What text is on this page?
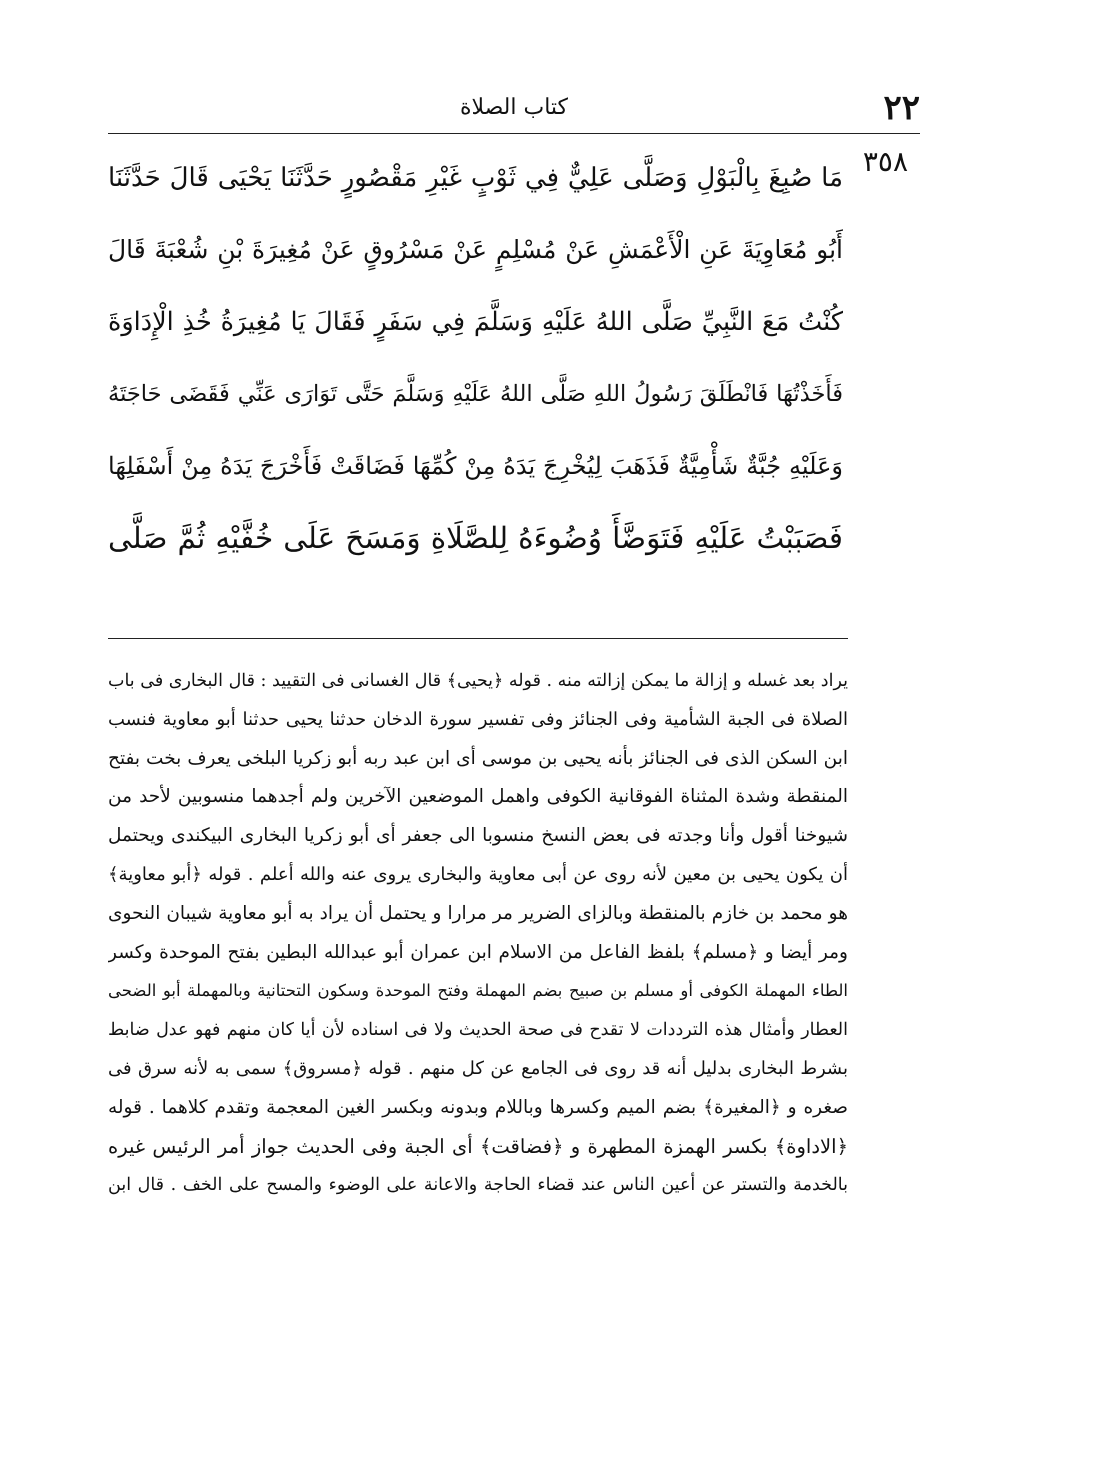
۲۲
كتاب الصلاة
٣٥٨
مَا صُبِغَ بِالْبَوْلِ وَصَلَّى عَلِيٌّ فِي ثَوْبٍ غَيْرِ مَقْصُورٍ حَدَّثَنَا يَحْيَى قَالَ حَدَّثَنَا
أَبُو مُعَاوِيَةَ عَنِ الْأَعْمَشِ عَنْ مُسْلِمٍ عَنْ مَسْرُوقٍ عَنْ مُغِيرَةَ بْنِ شُعْبَةَ قَالَ
كُنْتُ مَعَ النَّبِيِّ صَلَّى اللهُ عَلَيْهِ وَسَلَّمَ فِي سَفَرٍ فَقَالَ يَا مُغِيرَةُ خُذِ الْإِدَاوَةَ
فَأَخَذْتُهَا فَانْطَلَقَ رَسُولُ اللهِ صَلَّى اللهُ عَلَيْهِ وَسَلَّمَ حَتَّى تَوَارَى عَنِّي فَقَضَى حَاجَتَهُ
وَعَلَيْهِ جُبَّةٌ شَأْمِيَّةٌ فَذَهَبَ لِيُخْرِجَ يَدَهُ مِنْ كُمِّهَا فَضَاقَتْ فَأَخْرَجَ يَدَهُ مِنْ أَسْفَلِهَا
فَصَبَبْتُ عَلَيْهِ فَتَوَضَّأَ وُضُوءَهُ لِلصَّلَاةِ وَمَسَحَ عَلَى خُفَّيْهِ ثُمَّ صَلَّى
يراد بعد غسله و إزالة ما يمكن إزالته منه . قوله ﴿يحيى﴾ قال الغسانى فى التقييد : قال البخارى فى باب
الصلاة فى الجبة الشأمية وفى الجنائز وفى تفسير سورة الدخان حدثنا يحيى حدثنا أبو معاوية فنسب
ابن السكن الذى فى الجنائز بأنه يحيى بن موسى أى ابن عبد ربه أبو زكريا البلخى يعرف بخت بفتح
المنقطة وشدة المثناة الفوقانية الكوفى واهمل الموضعين الآخرين ولم أجدهما منسوبين لأحد من
شيوخنا أقول وأنا وجدته فى بعض النسخ منسوبا الى جعفر أى أبو زكريا البخارى البيكندى ويحتمل
أن يكون يحيى بن معين لأنه روى عن أبى معاوية والبخارى يروى عنه والله أعلم . قوله ﴿أبو معاوية﴾
هو محمد بن خازم بالمنقطة وبالزاى الضرير مر مرارا و يحتمل أن يراد به أبو معاوية شيبان النحوى
ومر أيضا و ﴿مسلم﴾ بلفظ الفاعل من الاسلام ابن عمران أبو عبدالله البطين بفتح الموحدة وكسر
الطاء المهملة الكوفى أو مسلم بن صبيح بضم المهملة وفتح الموحدة وسكون التحتانية وبالمهملة أبو الضحى
العطار وأمثال هذه الترددات لا تقدح فى صحة الحديث ولا فى اسناده لأن أيا كان منهم فهو عدل ضابط
بشرط البخارى بدليل أنه قد روى فى الجامع عن كل منهم . قوله ﴿مسروق﴾ سمى به لأنه سرق فى
صغره و ﴿المغيرة﴾ بضم الميم وكسرها وباللام وبدونه وبكسر الغين المعجمة وتقدم كلاهما . قوله
﴿الاداوة﴾ بكسر الهمزة المطهرة و ﴿فضاقت﴾ أى الجبة وفى الحديث جواز أمر الرئيس غيره
بالخدمة والتستر عن أعين الناس عند قضاء الحاجة والاعانة على الوضوء والمسح على الخف . قال ابن
